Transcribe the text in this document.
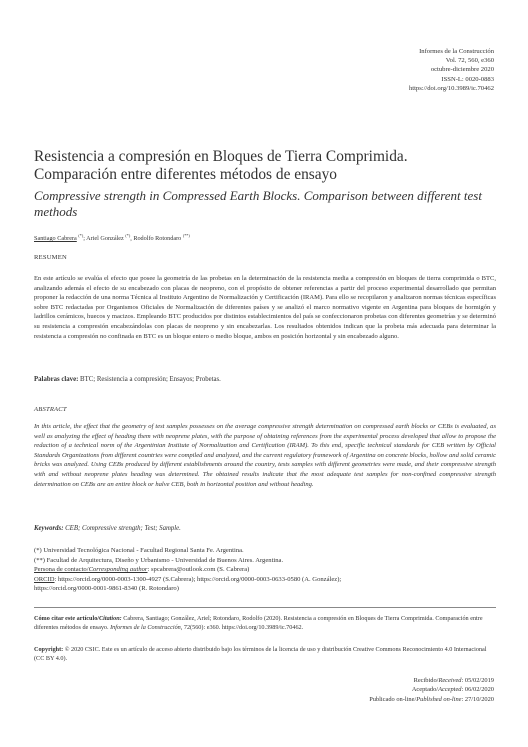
Informes de la Construcción
Vol. 72, 560, e360
octubre-diciembre 2020
ISSN-L: 0020-0883
https://doi.org/10.3989/ic.70462
Resistencia a compresión en Bloques de Tierra Comprimida. Comparación entre diferentes métodos de ensayo
Compressive strength in Compressed Earth Blocks. Comparison between different test methods
Santiago Cabrera (*); Ariel González (*), Rodolfo Rotondaro (**)
RESUMEN

En este artículo se evalúa el efecto que posee la geometría de las probetas en la determinación de la resistencia media a compresión en bloques de tierra comprimida o BTC, analizando además el efecto de su encabezado con placas de neopreno, con el propósito de obtener referencias a partir del proceso experimental desarrollado que permitan proponer la redacción de una norma Técnica al Instituto Argentino de Normalización y Certificación (IRAM). Para ello se recopilaron y analizaron normas técnicas específicas sobre BTC redactadas por Organismos Oficiales de Normalización de diferentes países y se analizó el marco normativo vigente en Argentina para bloques de hormigón y ladrillos cerámicos, huecos y macizos. Empleando BTC producidos por distintos establecimientos del país se confeccionaron probetas con diferentes geometrías y se determinó su resistencia a compresión encabezándolas con placas de neopreno y sin encabezarlas. Los resultados obtenidos indican que la probeta más adecuada para determinar la resistencia a compresión no confinada en BTC es un bloque entero o medio bloque, ambos en posición horizontal y sin encabezado alguno.

Palabras clave: BTC; Resistencia a compresión; Ensayos; Probetas.
ABSTRACT

In this article, the effect that the geometry of test samples possesses on the average compressive strength determination on compressed earth blocks or CEBs is evaluated, as well as analyzing the effect of heading them with neoprene plates, with the purpose of obtaining references from the experimental process developed that allow to propose the redaction of a technical norm of the Argentinian Institute of Normalization and Certification (IRAM). To this end, specific technical standards for CEB written by Official Standards Organizations from different countries were compiled and analyzed, and the current regulatory framework of Argentina on concrete blocks, hollow and solid ceramic bricks was analyzed. Using CEBs produced by different establishments around the country, tests samples with different geometries were made, and their compressive strength with and without neoprene plates heading was determined. The obtained results indicate that the most adequate test samples for non-confined compressive strength determination on CEBs are an entire block or halve CEB, both in horizontal position and without heading.

Keywords: CEB; Compressive strength; Test; Sample.
(*) Universidad Tecnológica Nacional - Facultad Regional Santa Fe. Argentina.
(**) Facultad de Arquitectura, Diseño y Urbanismo - Universidad de Buenos Aires. Argentina.
Persona de contacto/Corresponding author: spcabrera@outlook.com (S. Cabrera)
ORCID: https://orcid.org/0000-0003-1300-4927 (S.Cabrera); https://orcid.org/0000-0003-0633-0580 (A. González);
https://orcid.org/0000-0001-9861-8340 (R. Rotondaro)

Cómo citar este artículo/Citation: Cabrera, Santiago; González, Ariel; Rotondaro, Rodolfo (2020). Resistencia a compresión en Bloques de Tierra Comprimida. Comparación entre diferentes métodos de ensayo. Informes de la Construcción, 72(560): e360. https://doi.org/10.3989/ic.70462.

Copyright: © 2020 CSIC. Este es un artículo de acceso abierto distribuido bajo los términos de la licencia de uso y distribución Creative Commons Reconocimiento 4.0 Internacional (CC BY 4.0).

Recibido/Received: 05/02/2019
Aceptado/Accepted: 06/02/2020
Publicado on-line/Published on-line: 27/10/2020
